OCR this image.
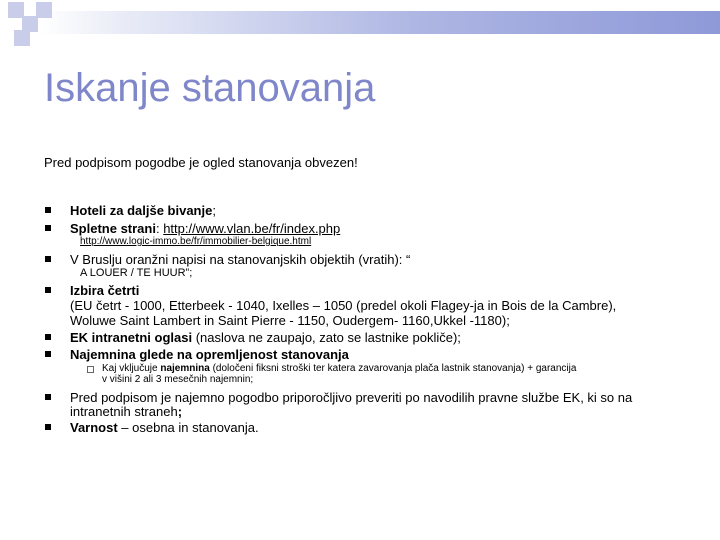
Iskanje stanovanja
Pred podpisom pogodbe je ogled stanovanja obvezen!
Hoteli za daljše bivanje;
Spletne strani: http://www.vlan.be/fr/index.php
http://www.logic-immo.be/fr/immobilier-belgique.html
V Bruslju oranžni napisi na stanovanjskih objektih (vratih): “
A LOUER / TE HUUR”;
Izbira četrti
(EU četrt - 1000, Etterbeek - 1040, Ixelles – 1050 (predel okoli Flagey-ja in Bois de la Cambre),
Woluwe Saint Lambert in Saint Pierre - 1150, Oudergem- 1160,Ukkel -1180);
EK intranetni oglasi (naslova ne zaupajo, zato se lastnike pokliče);
Najemnina glede na opremljenost stanovanja
Kaj vključuje najemnina (določeni fiksni stroški ter katera zavarovanja plača lastnik stanovanja) + garancija
v višini 2 ali 3 mesečnih najemnin;
Pred podpisom je najemno pogodbo priporočljivo preveriti po navodilih pravne službe EK, ki so na
intranetnih straneh;
Varnost – osebna in stanovanja.
